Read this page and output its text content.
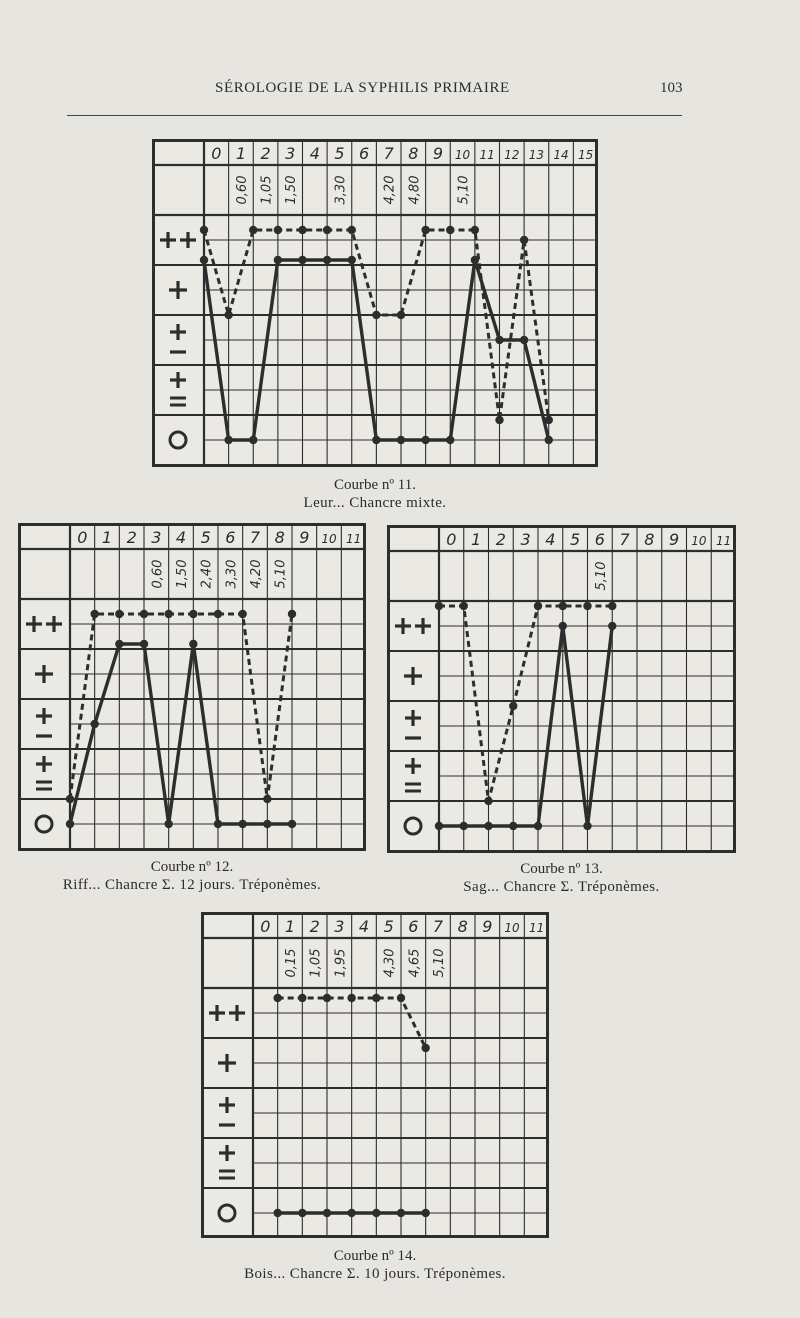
SÉROLOGIE DE LA SYPHILIS PRIMAIRE	103
0 1 2 3 4 5 6 7 8 9 10 11 12 13 14 15
0,60 1,05 1,50	3,30	4,20 4,80	5,10
Courbe nº 11.
Leur... Chancre mixte.
0 1 2 3 4 5 6 7 8 9 10 11
0,60 1,50 2,40 3,30 4,20 5,10
Courbe nº 12.
Riff... Chancre Σ. 12 jours. Tréponèmes.
0 1 2 3 4 5 6 7 8 9 10 11
5,10
Courbe nº 13.
Sag... Chancre Σ. Tréponèmes.
0 1 2 3 4 5 6 7 8 9 10 11
0,15 1,05 1,95	4,30 4,65 5,10
Courbe nº 14.
Bois... Chancre Σ. 10 jours. Tréponèmes.
